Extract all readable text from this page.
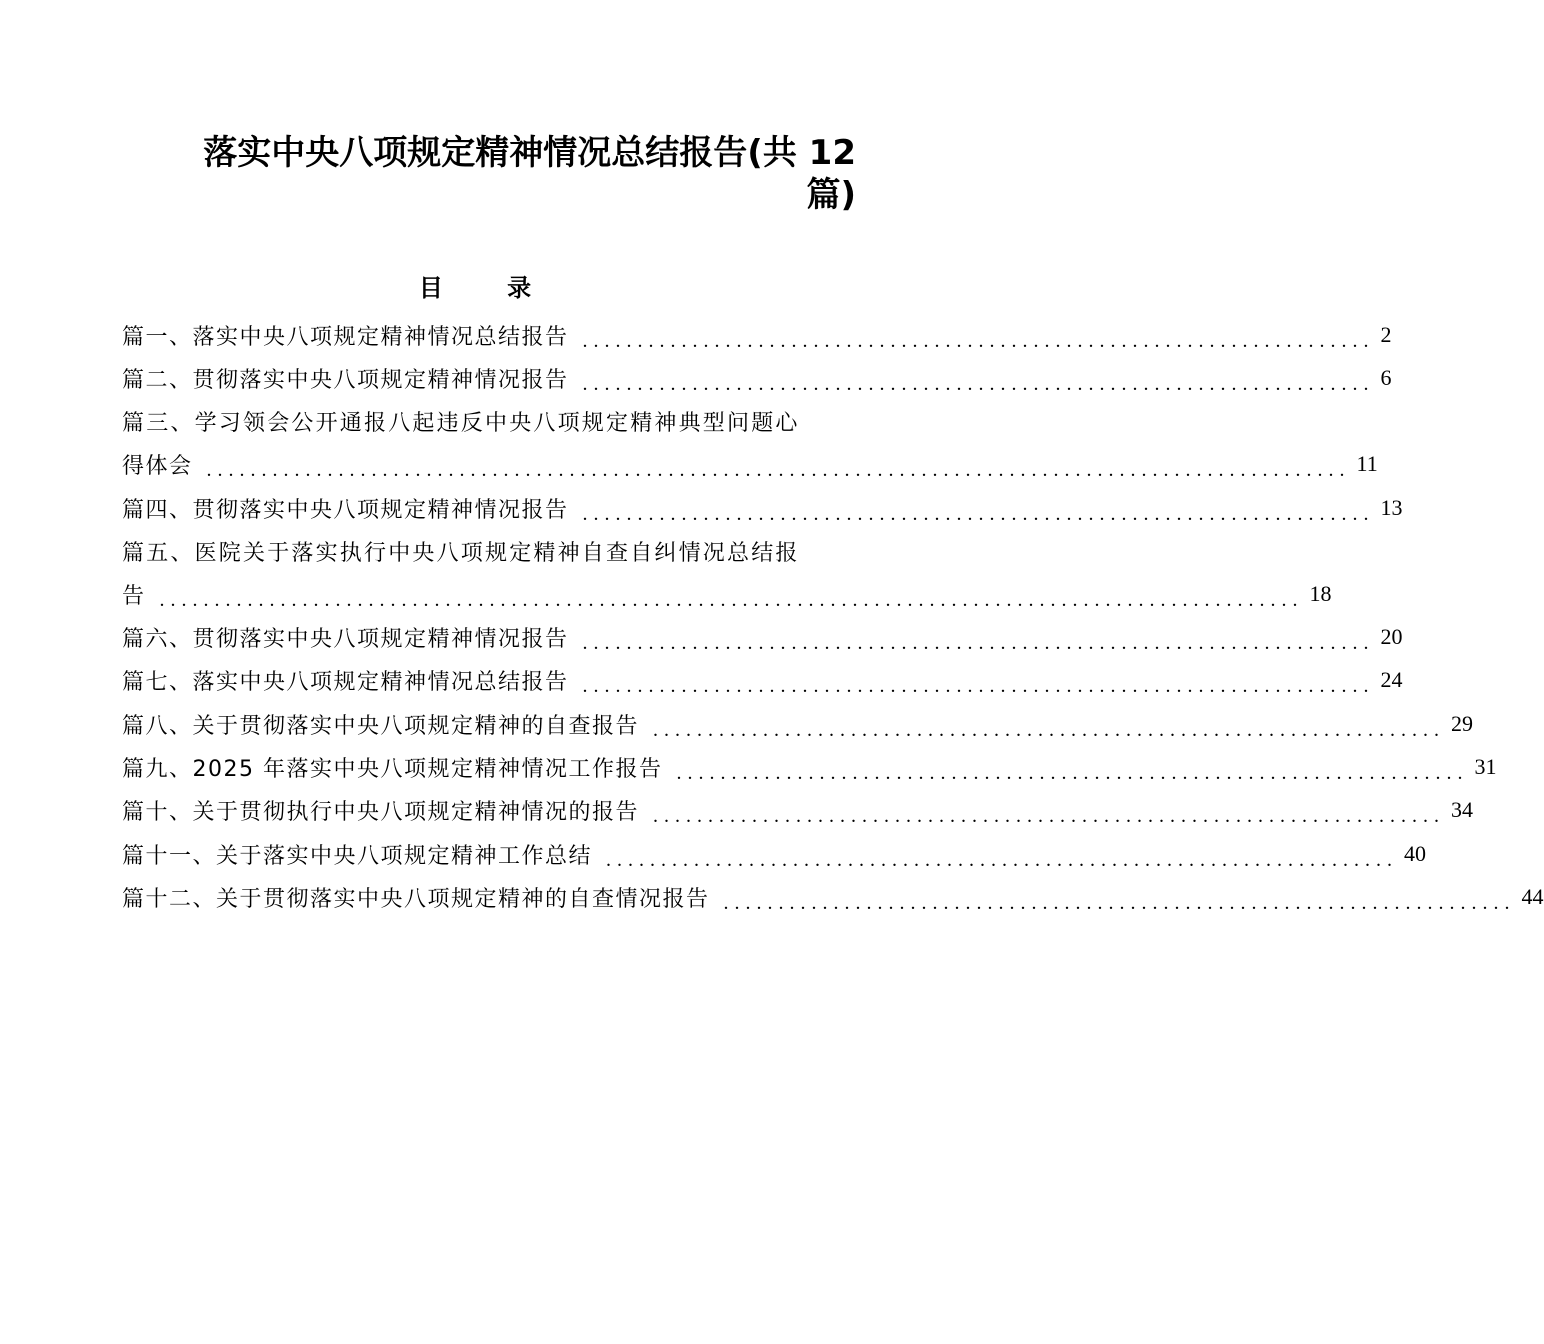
落实中央八项规定精神情况总结报告(共 12
篇)
目 录
篇一、落实中央八项规定精神情况总结报告 ........................................................................ 2
篇二、贯彻落实中央八项规定精神情况报告 ........................................................................ 6
篇三、学习领会公开通报八起违反中央八项规定精神典型问题心
得体会 ........................................................................................................ 11
篇四、贯彻落实中央八项规定精神情况报告 ........................................................................ 13
篇五、医院关于落实执行中央八项规定精神自查自纠情况总结报
告 ........................................................................................................ 18
篇六、贯彻落实中央八项规定精神情况报告 ........................................................................ 20
篇七、落实中央八项规定精神情况总结报告 ........................................................................ 24
篇八、关于贯彻落实中央八项规定精神的自查报告 ........................................................................ 29
篇九、2025 年落实中央八项规定精神情况工作报告 ........................................................................ 31
篇十、关于贯彻执行中央八项规定精神情况的报告 ........................................................................ 34
篇十一、关于落实中央八项规定精神工作总结 ........................................................................ 40
篇十二、关于贯彻落实中央八项规定精神的自查情况报告 ........................................................................ 44
